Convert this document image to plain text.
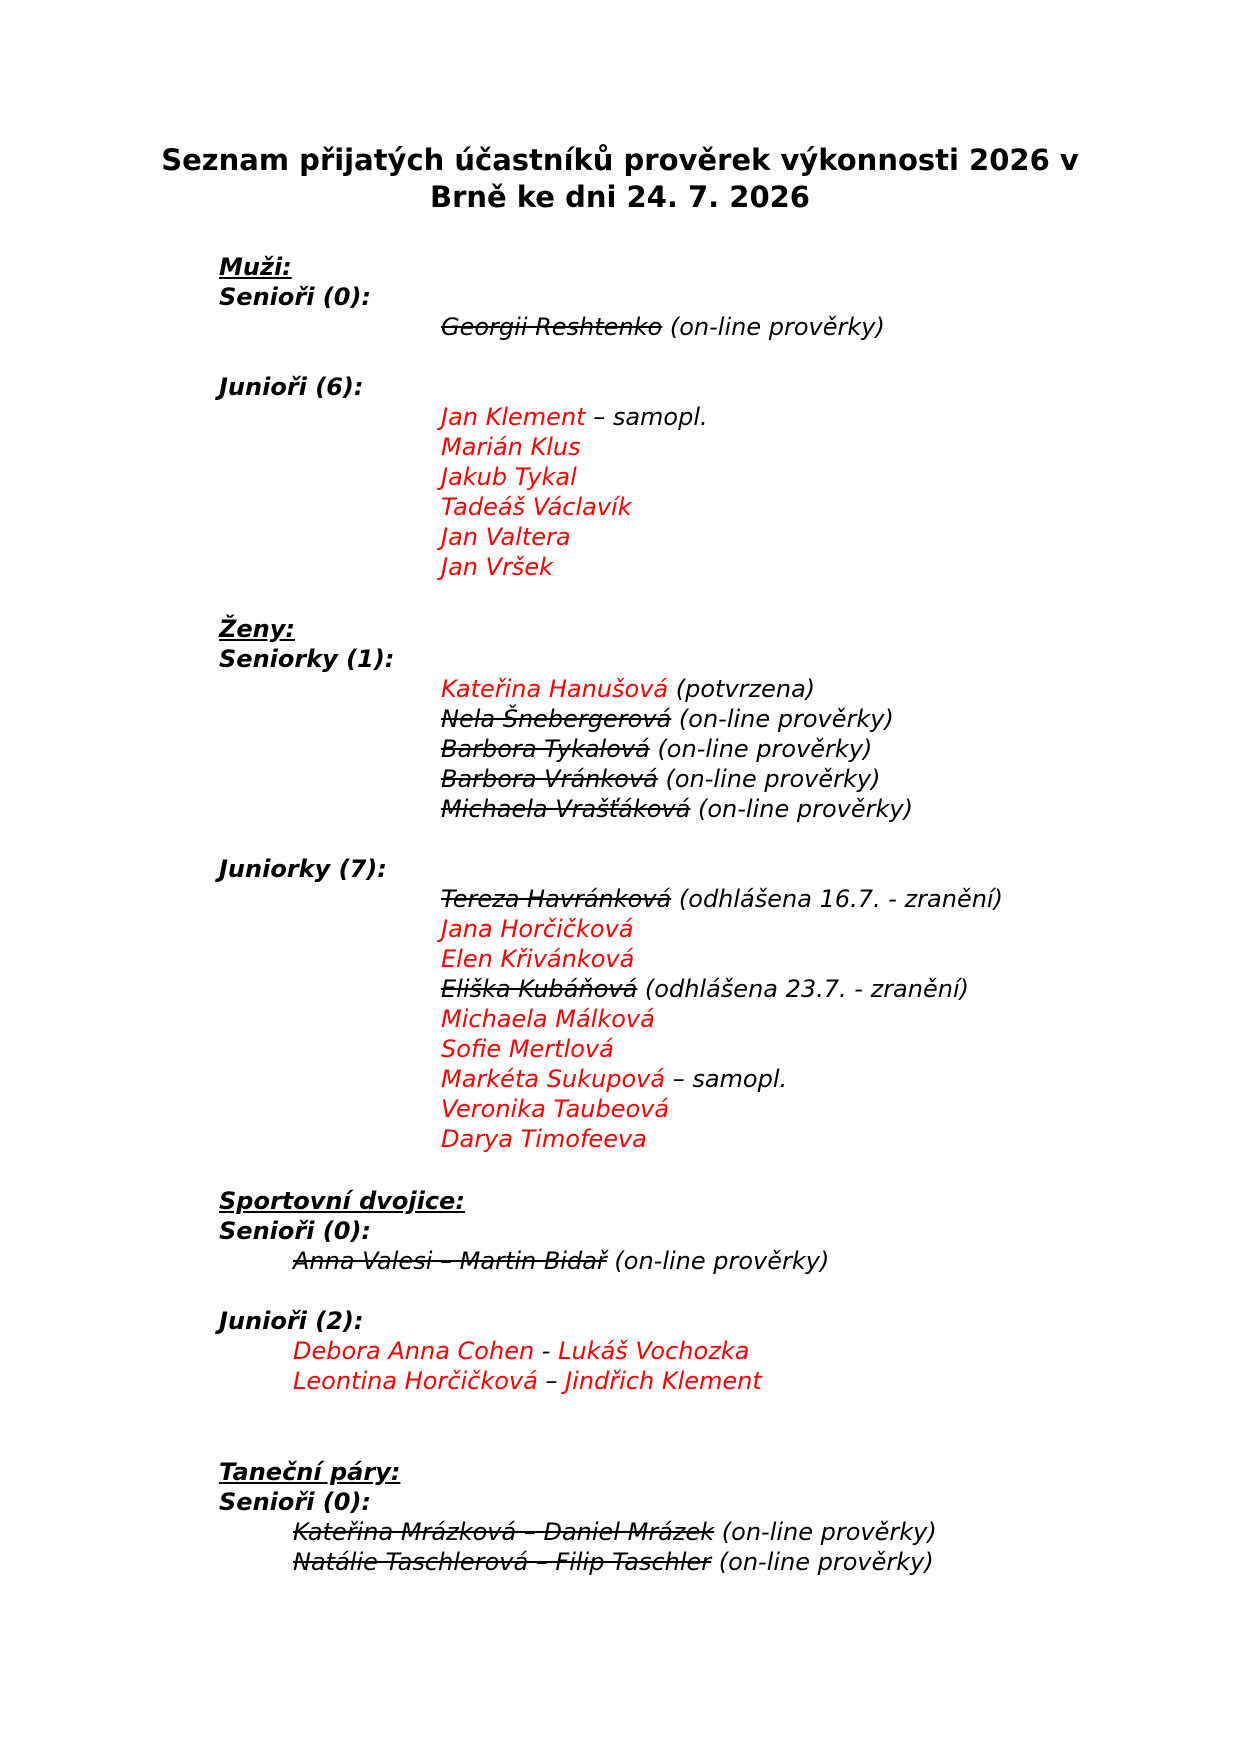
Seznam přijatých účastníků prověrek výkonnosti 2026 v
Brně ke dni 24. 7. 2026
Muži:
Senioři (0):
Georgii Reshtenko (on-line prověrky)
Junioři (6):
Jan Klement – samopl.
Marián Klus
Jakub Tykal
Tadeáš Václavík
Jan Valtera
Jan Vršek
Ženy:
Seniorky (1):
Kateřina Hanušová (potvrzena)
Nela Šnebergerová (on-line prověrky)
Barbora Tykalová (on-line prověrky)
Barbora Vránková (on-line prověrky)
Michaela Vrašťáková (on-line prověrky)
Juniorky (7):
Tereza Havránková (odhlášena 16.7. - zranění)
Jana Horčičková
Elen Křivánková
Eliška Kubáňová (odhlášena 23.7. - zranění)
Michaela Málková
Sofie Mertlová
Markéta Sukupová – samopl.
Veronika Taubeová
Darya Timofeeva
Sportovní dvojice:
Senioři (0):
Anna Valesi – Martin Bidař (on-line prověrky)
Junioři (2):
Debora Anna Cohen - Lukáš Vochozka
Leontina Horčičková – Jindřich Klement
Taneční páry:
Senioři (0):
Kateřina Mrázková – Daniel Mrázek (on-line prověrky)
Natálie Taschlerová – Filip Taschler (on-line prověrky)
